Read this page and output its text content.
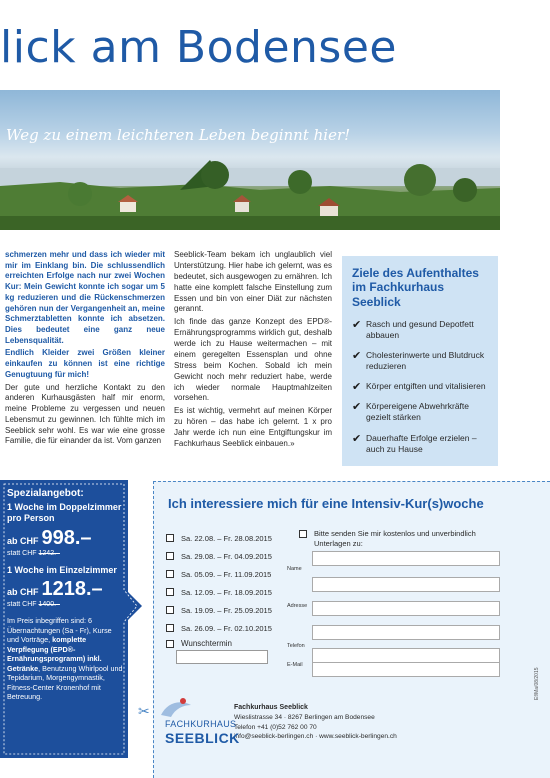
lick am Bodensee
Weg zu einem leichteren Leben beginnt hier!

schmerzen mehr und dass ich wieder mit mir im Einklang bin. Die schlussendlich erreichten Erfolge nach nur zwei Wochen Kur: Mein Gewicht konnte ich sogar um 5 kg reduzieren und die Rückenschmerzen gehören nun der Vergangenheit an, meine Schmerztabletten konnte ich absetzen. Dies bedeutet eine ganz neue Lebensqualität.

Endlich Kleider zwei Größen kleiner einkaufen zu können ist eine richtige Genugtuung für mich!

Der gute und herzliche Kontakt zu den anderen Kurhausgästen half mir enorm, meine Probleme zu vergessen und neuen Lebensmut zu gewinnen. Ich fühlte mich im Seeblick sehr wohl. Es war wie eine grosse Familie, die für einander da ist. Vom ganzen

Seeblick-Team bekam ich unglaublich viel Unterstützung. Hier habe ich gelernt, was es bedeutet, sich ausgewogen zu ernähren. Ich hatte eine komplett falsche Einstellung zum Essen und bin von einer Diät zur nächsten gerannt.

Ich finde das ganze Konzept des EPD®-Ernährungsprogramms wirklich gut, deshalb werde ich zu Hause weitermachen – mit einem geregelten Essensplan und ohne Stress beim Kochen. Sobald ich mein Gewicht noch mehr reduziert habe, werde ich wieder normale Hauptmahlzeiten vorsehen.

Es ist wichtig, vermehrt auf meinen Körper zu hören – das habe ich gelernt. 1 x pro Jahr werde ich nun eine Entgiftungskur im Fachkurhaus Seeblick einbauen.»

Ziele des Aufenthaltes im Fachkurhaus Seeblick
✔ Rasch und gesund Depotfett abbauen
✔ Cholesterinwerte und Blutdruck reduzieren
✔ Körper entgiften und vitalisieren
✔ Körpereigene Abwehrkräfte gezielt stärken
✔ Dauerhafte Erfolge erzielen – auch zu Hause
Spezialangebot:
1 Woche im Doppelzimmer pro Person
ab CHF 998.–
statt CHF 1242.–
1 Woche im Einzelzimmer
ab CHF 1218.–
statt CHF 1400.–
Im Preis inbegriffen sind: 6 Übernachtungen (Sa - Fr), Kurse und Vorträge, komplette Verpflegung (EPD®-Ernährungsprogramm) inkl. Getränke, Benutzung Whirlpool und Tepidarium, Morgengymnastik, Fitness-Center Kronenhof mit Betreuung.
✂
Ich interessiere mich für eine Intensiv-Kur(s)woche
Sa. 22.08. – Fr. 28.08.2015
Sa. 29.08. – Fr. 04.09.2015
Sa. 05.09. – Fr. 11.09.2015
Sa. 12.09. – Fr. 18.09.2015
Sa. 19.09. – Fr. 25.09.2015
Sa. 26.09. – Fr. 02.10.2015
Wunschtermin
Bitte senden Sie mir kostenlos und unverbindlich Unterlagen zu:
Name
Adresse
Telefon
E-Mail
Fachkurhaus Seeblick
Wieslistrasse 34 · 8267 Berlingen am Bodensee
Telefon +41 (0)52 762 00 70
info@seeblick-berlingen.ch · www.seeblick-berlingen.ch
FACHKURHAUS
SEEBLICK
Ef/Ma/08/2015
